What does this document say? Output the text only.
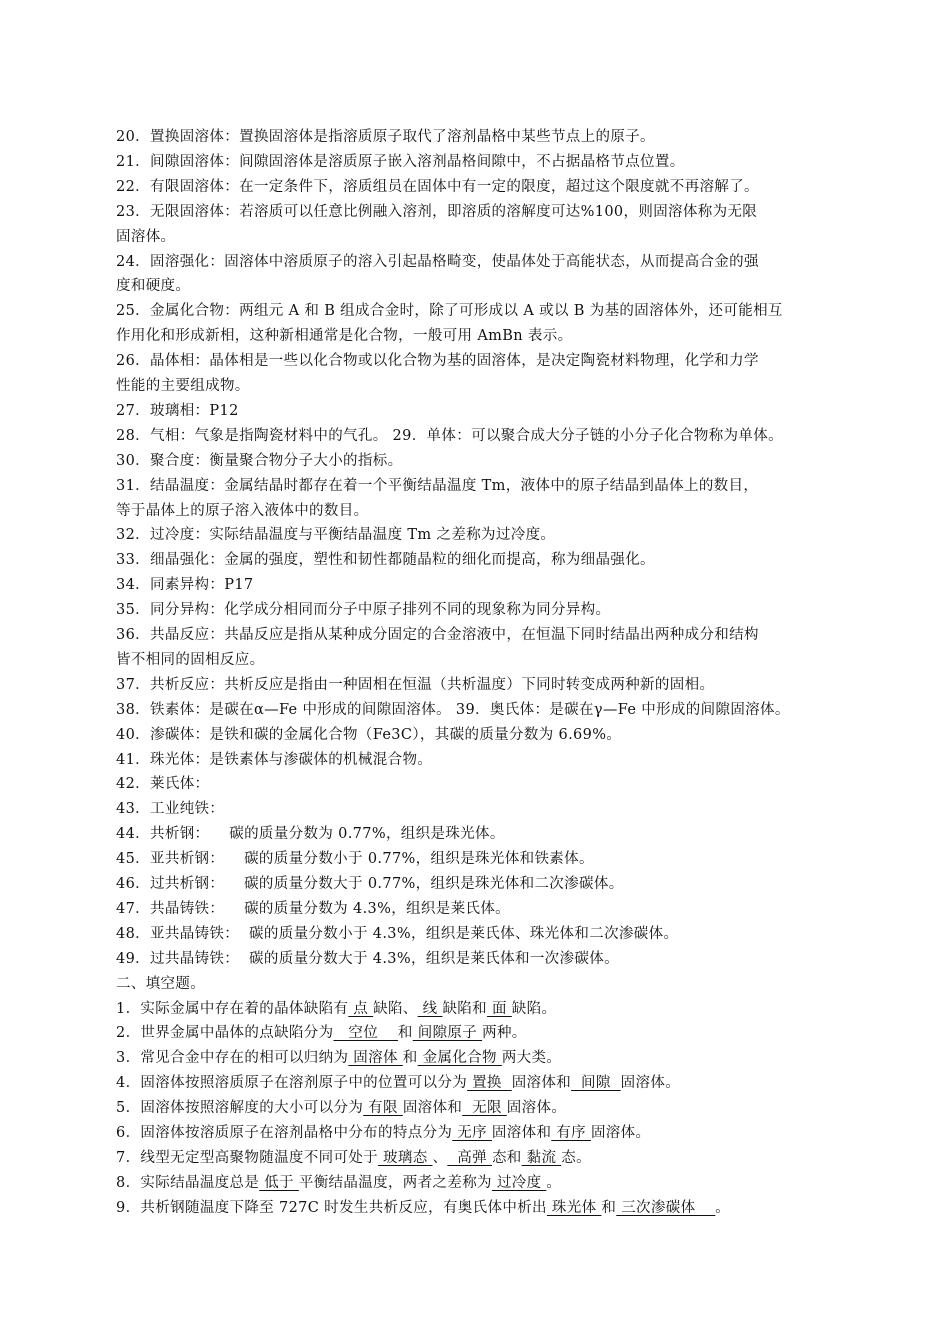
20．置换固溶体：置换固溶体是指溶质原子取代了溶剂晶格中某些节点上的原子。
21．间隙固溶体：间隙固溶体是溶质原子嵌入溶剂晶格间隙中，不占据晶格节点位置。
22．有限固溶体：在一定条件下，溶质组员在固体中有一定的限度，超过这个限度就不再溶解了。
23．无限固溶体：若溶质可以任意比例融入溶剂，即溶质的溶解度可达%100，则固溶体称为无限
固溶体。
24．固溶强化：固溶体中溶质原子的溶入引起晶格畸变，使晶体处于高能状态，从而提高合金的强
度和硬度。
25．金属化合物：两组元 A 和 B 组成合金时，除了可形成以 A 或以 B 为基的固溶体外，还可能相互
作用化和形成新相，这种新相通常是化合物，一般可用 AmBn 表示。
26．晶体相：晶体相是一些以化合物或以化合物为基的固溶体，是决定陶瓷材料物理，化学和力学
性能的主要组成物。
27．玻璃相：P12
28．气相：气象是指陶瓷材料中的气孔。 29．单体：可以聚合成大分子链的小分子化合物称为单体。
30．聚合度：衡量聚合物分子大小的指标。
31．结晶温度：金属结晶时都存在着一个平衡结晶温度 Tm，液体中的原子结晶到晶体上的数目，
等于晶体上的原子溶入液体中的数目。
32．过冷度：实际结晶温度与平衡结晶温度 Tm 之差称为过冷度。
33．细晶强化：金属的强度，塑性和韧性都随晶粒的细化而提高，称为细晶强化。
34．同素异构：P17
35．同分异构：化学成分相同而分子中原子排列不同的现象称为同分异构。
36．共晶反应：共晶反应是指从某种成分固定的合金溶液中，在恒温下同时结晶出两种成分和结构
皆不相同的固相反应。
37．共析反应：共析反应是指由一种固相在恒温（共析温度）下同时转变成两种新的固相。
38．铁素体：是碳在α—Fe 中形成的间隙固溶体。 39．奥氏体：是碳在γ—Fe 中形成的间隙固溶体。
40．渗碳体：是铁和碳的金属化合物（Fe3C），其碳的质量分数为 6.69%。
41．珠光体：是铁素体与渗碳体的机械混合物。
42．莱氏体：
43．工业纯铁：
44．共析钢：    碳的质量分数为 0.77%，组织是珠光体。
45．亚共析钢：    碳的质量分数小于 0.77%，组织是珠光体和铁素体。
46．过共析钢：    碳的质量分数大于 0.77%，组织是珠光体和二次渗碳体。
47．共晶铸铁：    碳的质量分数为 4.3%，组织是莱氏体。
48．亚共晶铸铁：  碳的质量分数小于 4.3%，组织是莱氏体、珠光体和二次渗碳体。
49．过共晶铸铁：  碳的质量分数大于 4.3%，组织是莱氏体和一次渗碳体。
二、填空题。
1．实际金属中存在着的晶体缺陷有 点 缺陷、 线 缺陷和 面 缺陷。
2．世界金属中晶体的点缺陷分为   空位    和 间隙原子 两种。
3．常见合金中存在的相可以归纳为 固溶体 和 金属化合物 两大类。
4．固溶体按照溶质原子在溶剂原子中的位置可以分为 置换  固溶体和  间隙  固溶体。
5．固溶体按照溶解度的大小可以分为 有限 固溶体和  无限 固溶体。
6．固溶体按溶质原子在溶剂晶格中分布的特点分为 无序 固溶体和 有序 固溶体。
7．线型无定型高聚物随温度不同可处于 玻璃态 、  高弹 态和 黏流 态。
8．实际结晶温度总是 低于 平衡结晶温度，两者之差称为 过冷度 。
9．共析钢随温度下降至 727C 时发生共析反应，有奥氏体中析出 珠光体 和 三次渗碳体    。
